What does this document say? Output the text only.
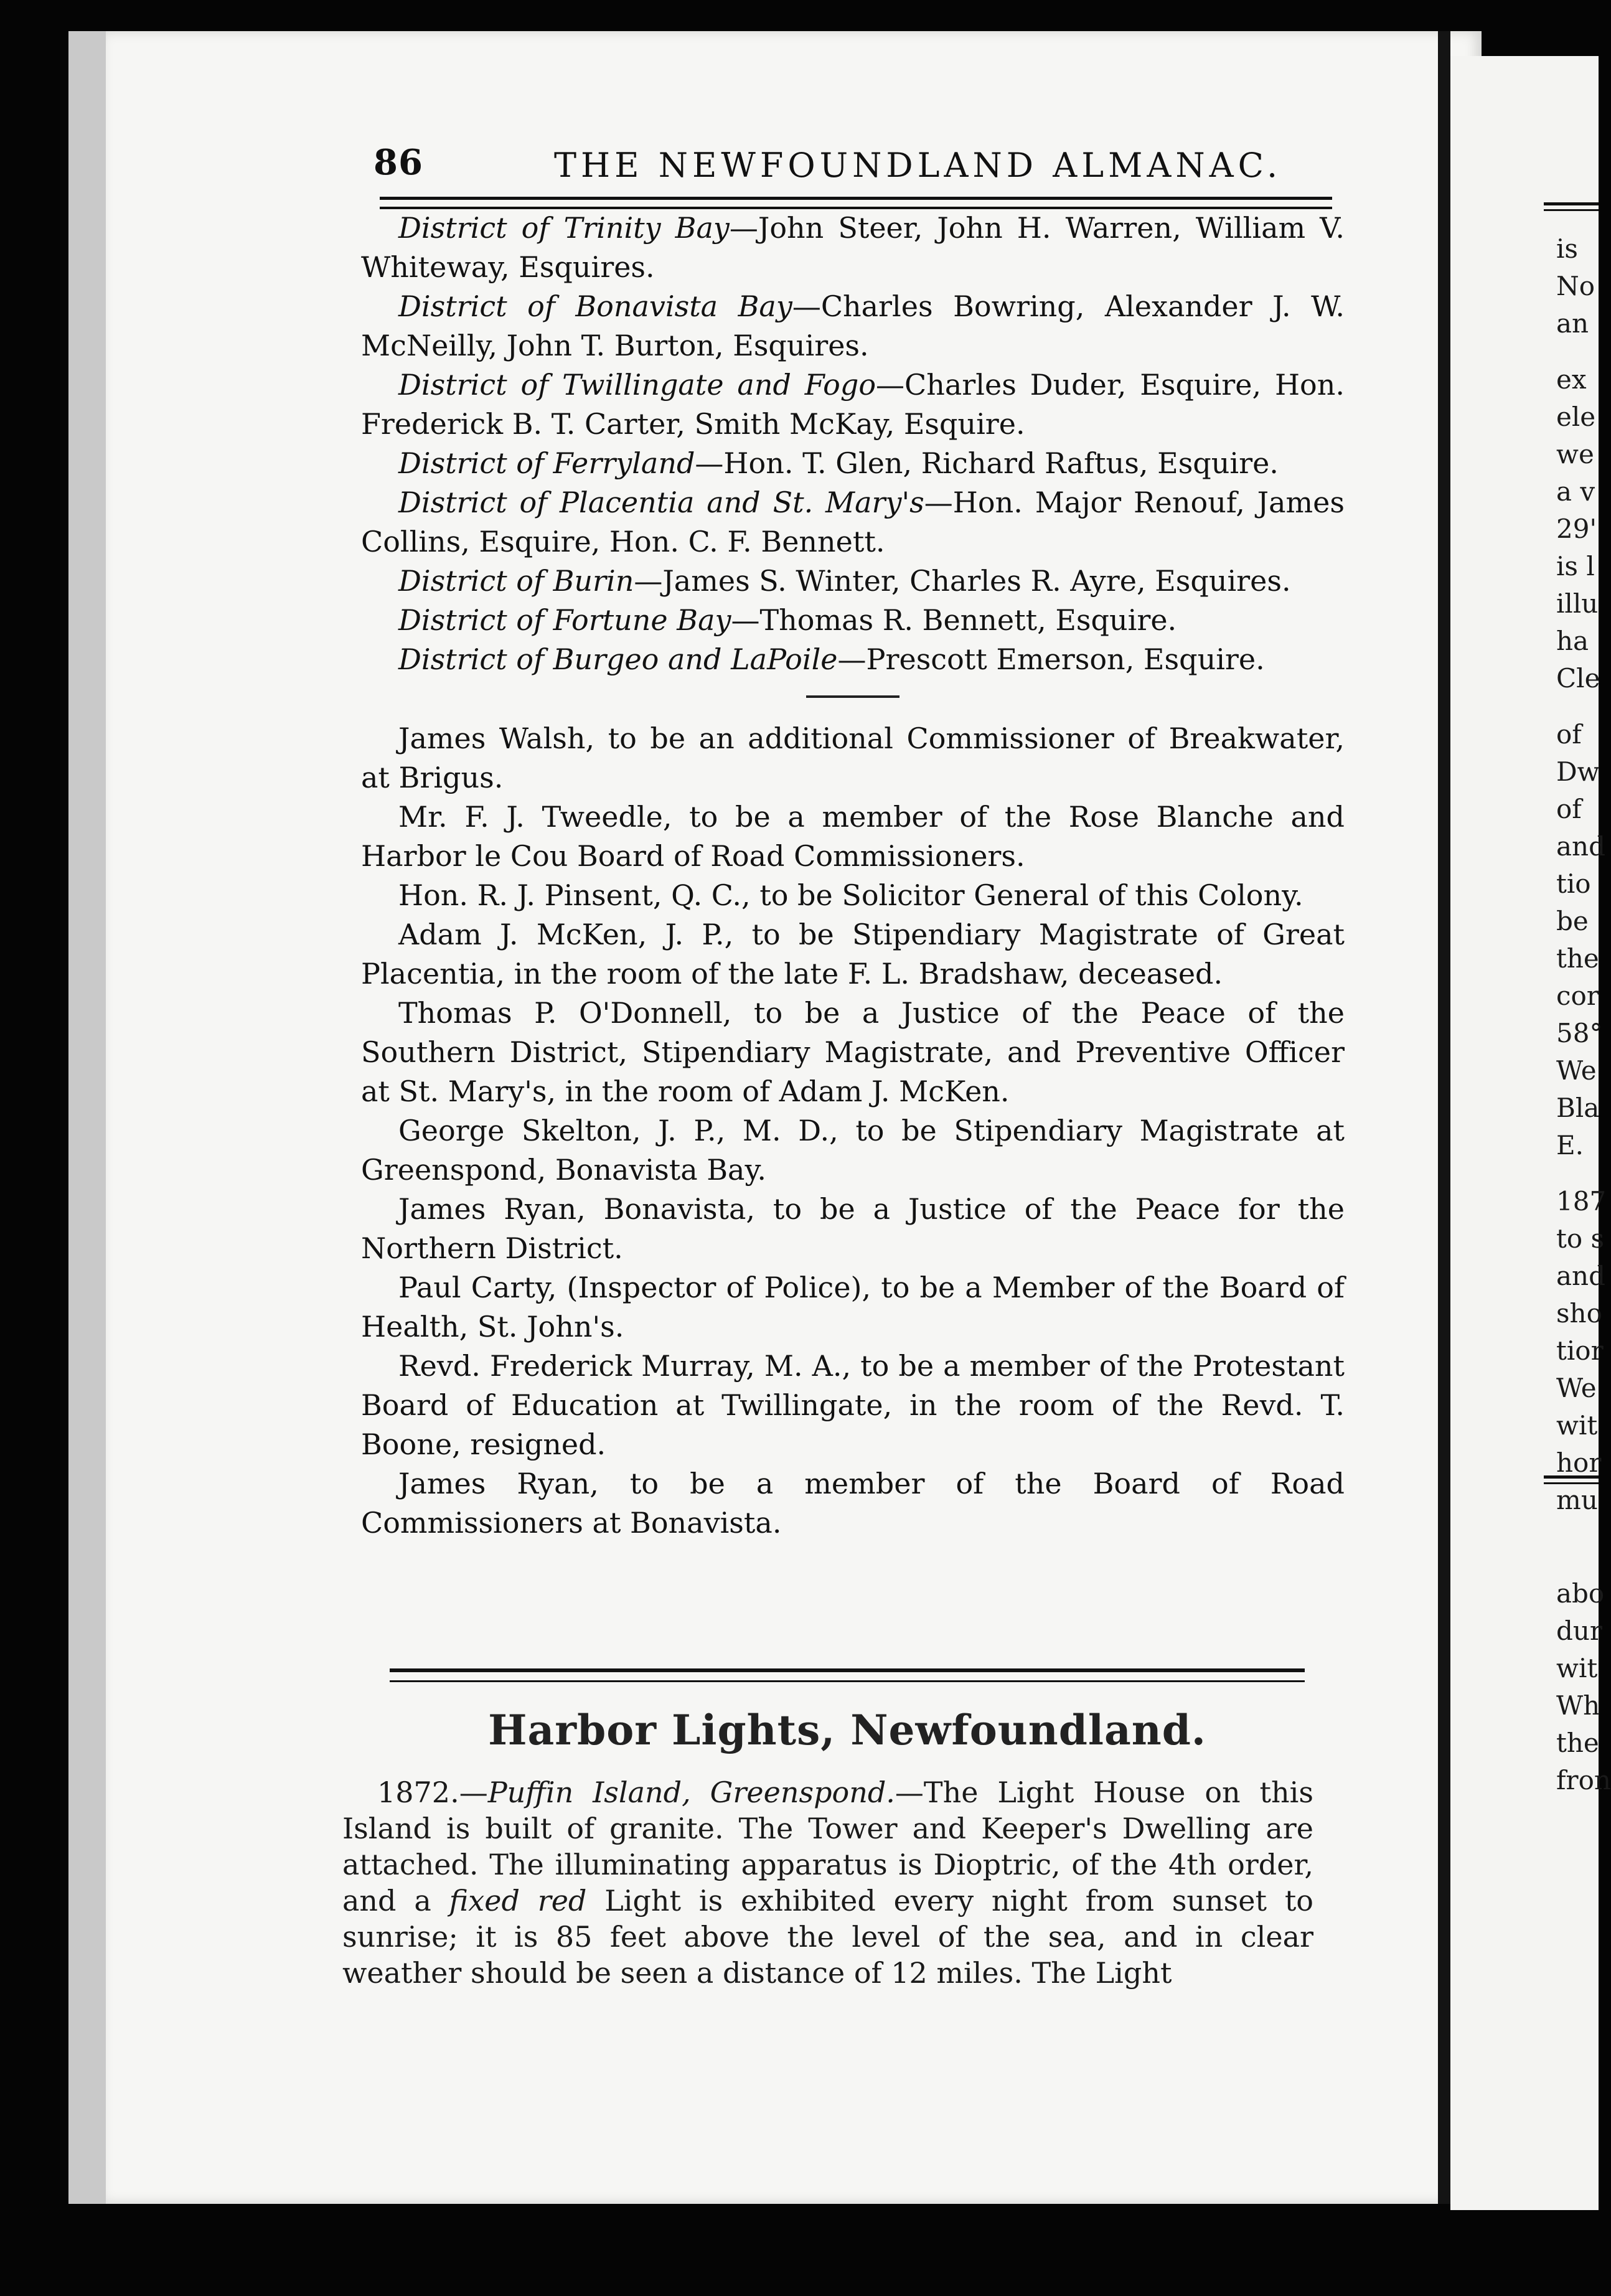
86	THE NEWFOUNDLAND ALMANAC.

District of Trinity Bay—John Steer, John H. Warren, William V. Whiteway, Esquires.

District of Bonavista Bay—Charles Bowring, Alexander J. W. McNeilly, John T. Burton, Esquires.

District of Twillingate and Fogo—Charles Duder, Esquire, Hon. Frederick B. T. Carter, Smith McKay, Esquire.

District of Ferryland—Hon. T. Glen, Richard Raftus, Esquire.

District of Placentia and St. Mary's—Hon. Major Renouf, James Collins, Esquire, Hon. C. F. Bennett.

District of Burin—James S. Winter, Charles R. Ayre, Esquires.

District of Fortune Bay—Thomas R. Bennett, Esquire.

District of Burgeo and LaPoile—Prescott Emerson, Esquire.

James Walsh, to be an additional Commissioner of Breakwater, at Brigus.

Mr. F. J. Tweedle, to be a member of the Rose Blanche and Harbor le Cou Board of Road Commissioners.

Hon. R. J. Pinsent, Q. C., to be Solicitor General of this Colony.

Adam J. McKen, J. P., to be Stipendiary Magistrate of Great Placentia, in the room of the late F. L. Bradshaw, deceased.

Thomas P. O'Donnell, to be a Justice of the Peace of the Southern District, Stipendiary Magistrate, and Preventive Officer at St. Mary's, in the room of Adam J. McKen.

George Skelton, J. P., M. D., to be Stipendiary Magistrate at Greenspond, Bonavista Bay.

James Ryan, Bonavista, to be a Justice of the Peace for the Northern District.

Paul Carty, (Inspector of Police), to be a Member of the Board of Health, St. John's.

Revd. Frederick Murray, M. A., to be a member of the Protestant Board of Education at Twillingate, in the room of the Revd. T. Boone, resigned.

James Ryan, to be a member of the Board of Road Commissioners at Bonavista.

Harbor Lights, Newfoundland.

1872.—Puffin Island, Greenspond.—The Light House on this Island is built of granite. The Tower and Keeper's Dwelling are attached. The illuminating apparatus is Dioptric, of the 4th order, and a fixed red Light is exhibited every night from sunset to sunrise; it is 85 feet above the level of the sea, and in clear weather should be seen a distance of 12 miles. The Light

is
No
an
ex
ele
we
a v
29'
is l
illu
ha
Cle
of
Dw
of
and
tio
be
the
cor
58°
We
Bla
E.
187
to s
and
sho
tior
We
wit
hor
mu
abo
dur
wit
Wh
the
fron
